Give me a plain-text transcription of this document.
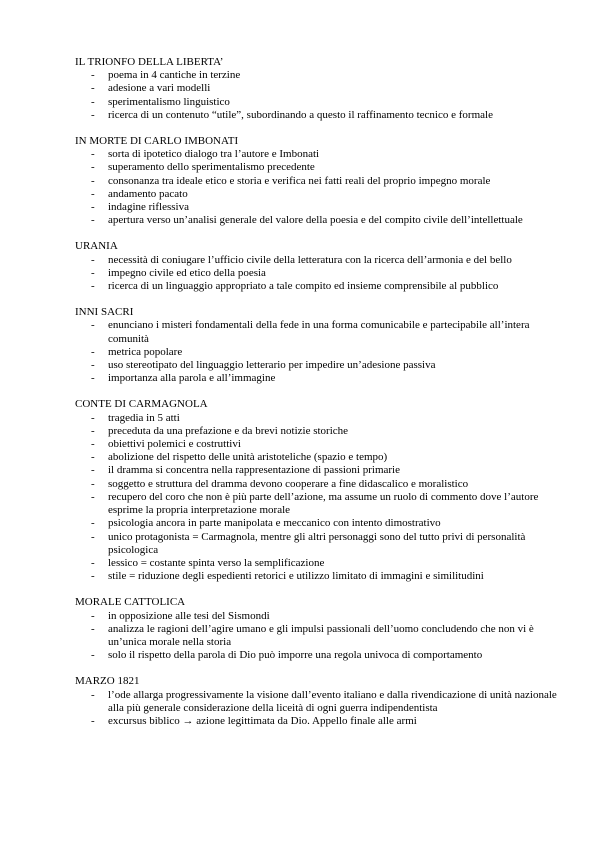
IL TRIONFO DELLA LIBERTA’
- poema in 4 cantiche in terzine
- adesione a vari modelli
- sperimentalismo linguistico
- ricerca di un contenuto “utile”, subordinando a questo il raffinamento tecnico e formale
IN MORTE DI CARLO IMBONATI
- sorta di ipotetico dialogo tra l’autore e Imbonati
- superamento dello sperimentalismo precedente
- consonanza tra ideale etico e storia e verifica nei fatti reali del proprio impegno morale
- andamento pacato
- indagine riflessiva
- apertura verso un’analisi generale del valore della poesia e del compito civile dell’intellettuale
URANIA
- necessità di coniugare l’ufficio civile della letteratura con la ricerca dell’armonia e del bello
- impegno civile ed etico della poesia
- ricerca di un linguaggio appropriato a tale compito ed insieme comprensibile al pubblico
INNI SACRI
- enunciano i misteri fondamentali della fede in una forma comunicabile e partecipabile all’intera comunità
- metrica popolare
- uso stereotipato del linguaggio letterario per impedire un’adesione passiva
- importanza alla parola e all’immagine
CONTE DI CARMAGNOLA
- tragedia in 5 atti
- preceduta da una prefazione e da brevi notizie storiche
- obiettivi polemici e costruttivi
- abolizione del rispetto delle unità aristoteliche (spazio e tempo)
- il dramma si concentra nella rappresentazione di passioni primarie
- soggetto e struttura del dramma devono cooperare a fine didascalico e moralistico
- recupero del coro che non è più parte dell’azione, ma assume un ruolo di commento dove l’autore esprime la propria interpretazione morale
- psicologia ancora in parte manipolata e meccanico con intento dimostrativo
- unico protagonista = Carmagnola, mentre gli altri personaggi sono del tutto privi di personalità psicologica
- lessico = costante spinta verso la semplificazione
- stile = riduzione degli espedienti retorici e utilizzo limitato di immagini e similitudini
MORALE CATTOLICA
- in opposizione alle tesi del Sismondi
- analizza le ragioni dell’agire umano e gli impulsi passionali dell’uomo concludendo che non vi è un’unica morale nella storia
- solo il rispetto della parola di Dio può imporre una regola univoca di comportamento
MARZO 1821
- l’ode allarga progressivamente la visione dall’evento italiano e dalla rivendicazione di unità nazionale alla più generale considerazione della liceità di ogni guerra indipendentista
- excursus biblico → azione legittimata da Dio. Appello finale alle armi
